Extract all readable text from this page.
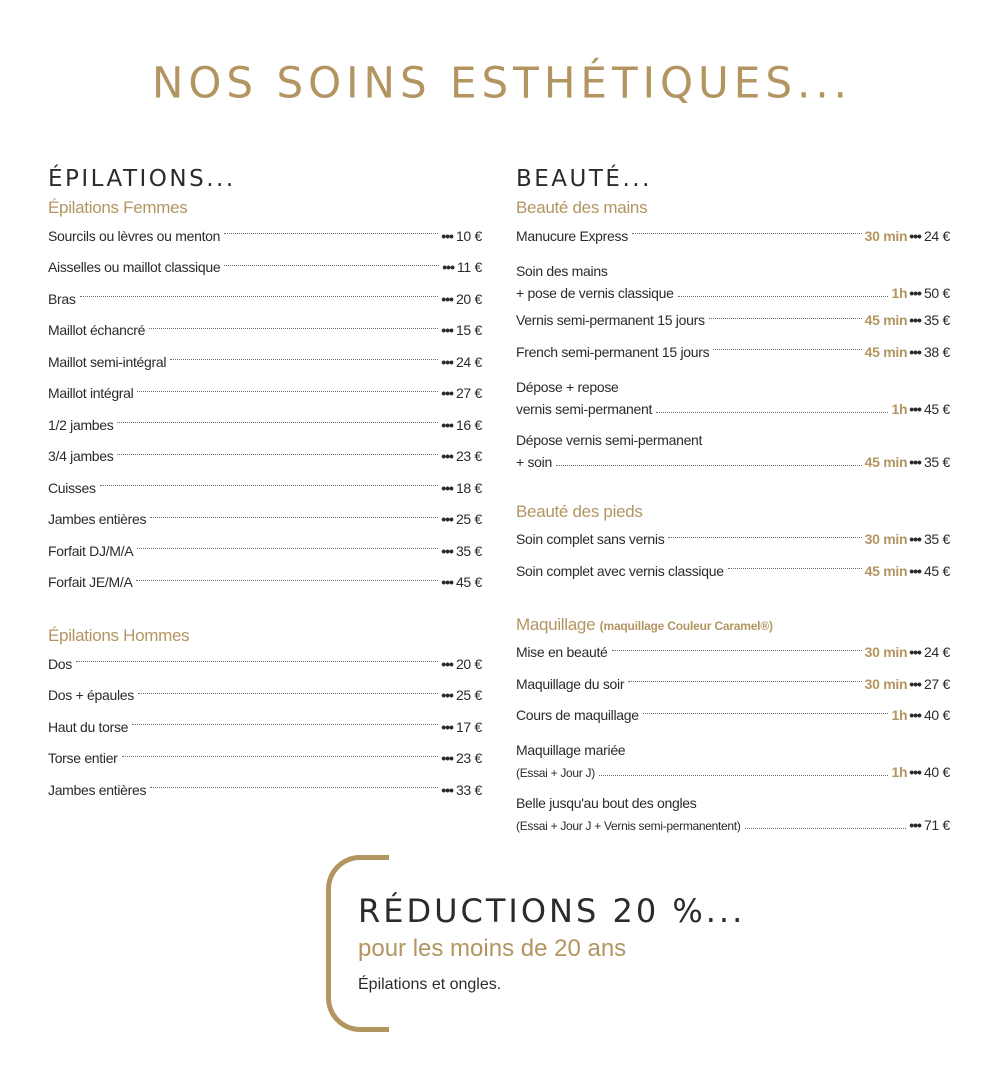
NOS SOINS ESTHÉTIQUES...
ÉPILATIONS...
Épilations Femmes
Sourcils ou lèvres ou menton	••• 10 €
Aisselles ou maillot classique	••• 11 €
Bras	••• 20 €
Maillot échancré	••• 15 €
Maillot semi-intégral	••• 24 €
Maillot intégral	••• 27 €
1/2 jambes	••• 16 €
3/4 jambes	••• 23 €
Cuisses	••• 18 €
Jambes entières	••• 25 €
Forfait DJ/M/A	••• 35 €
Forfait JE/M/A	••• 45 €
Épilations Hommes
Dos	••• 20 €
Dos + épaules	••• 25 €
Haut du torse	••• 17 €
Torse entier	••• 23 €
Jambes entières	••• 33 €
BEAUTÉ...
Beauté des mains
Manucure Express	30 min ••• 24 €
Soin des mains
+ pose de vernis classique	1h ••• 50 €
Vernis semi-permanent 15 jours	45 min ••• 35 €
French semi-permanent 15 jours	45 min ••• 38 €
Dépose + repose
vernis semi-permanent	1h ••• 45 €
Dépose vernis semi-permanent
+ soin	45 min ••• 35 €
Beauté des pieds
Soin complet sans vernis	30 min ••• 35 €
Soin complet avec vernis classique	45 min ••• 45 €
Maquillage (maquillage Couleur Caramel®)
Mise en beauté	30 min ••• 24 €
Maquillage du soir	30 min ••• 27 €
Cours de maquillage	1h ••• 40 €
Maquillage mariée
(Essai + Jour J)	1h ••• 40 €
Belle jusqu'au bout des ongles
(Essai + Jour J + Vernis semi-permanentent)	••• 71 €
RÉDUCTIONS 20 %...
pour les moins de 20 ans
Épilations et ongles.
